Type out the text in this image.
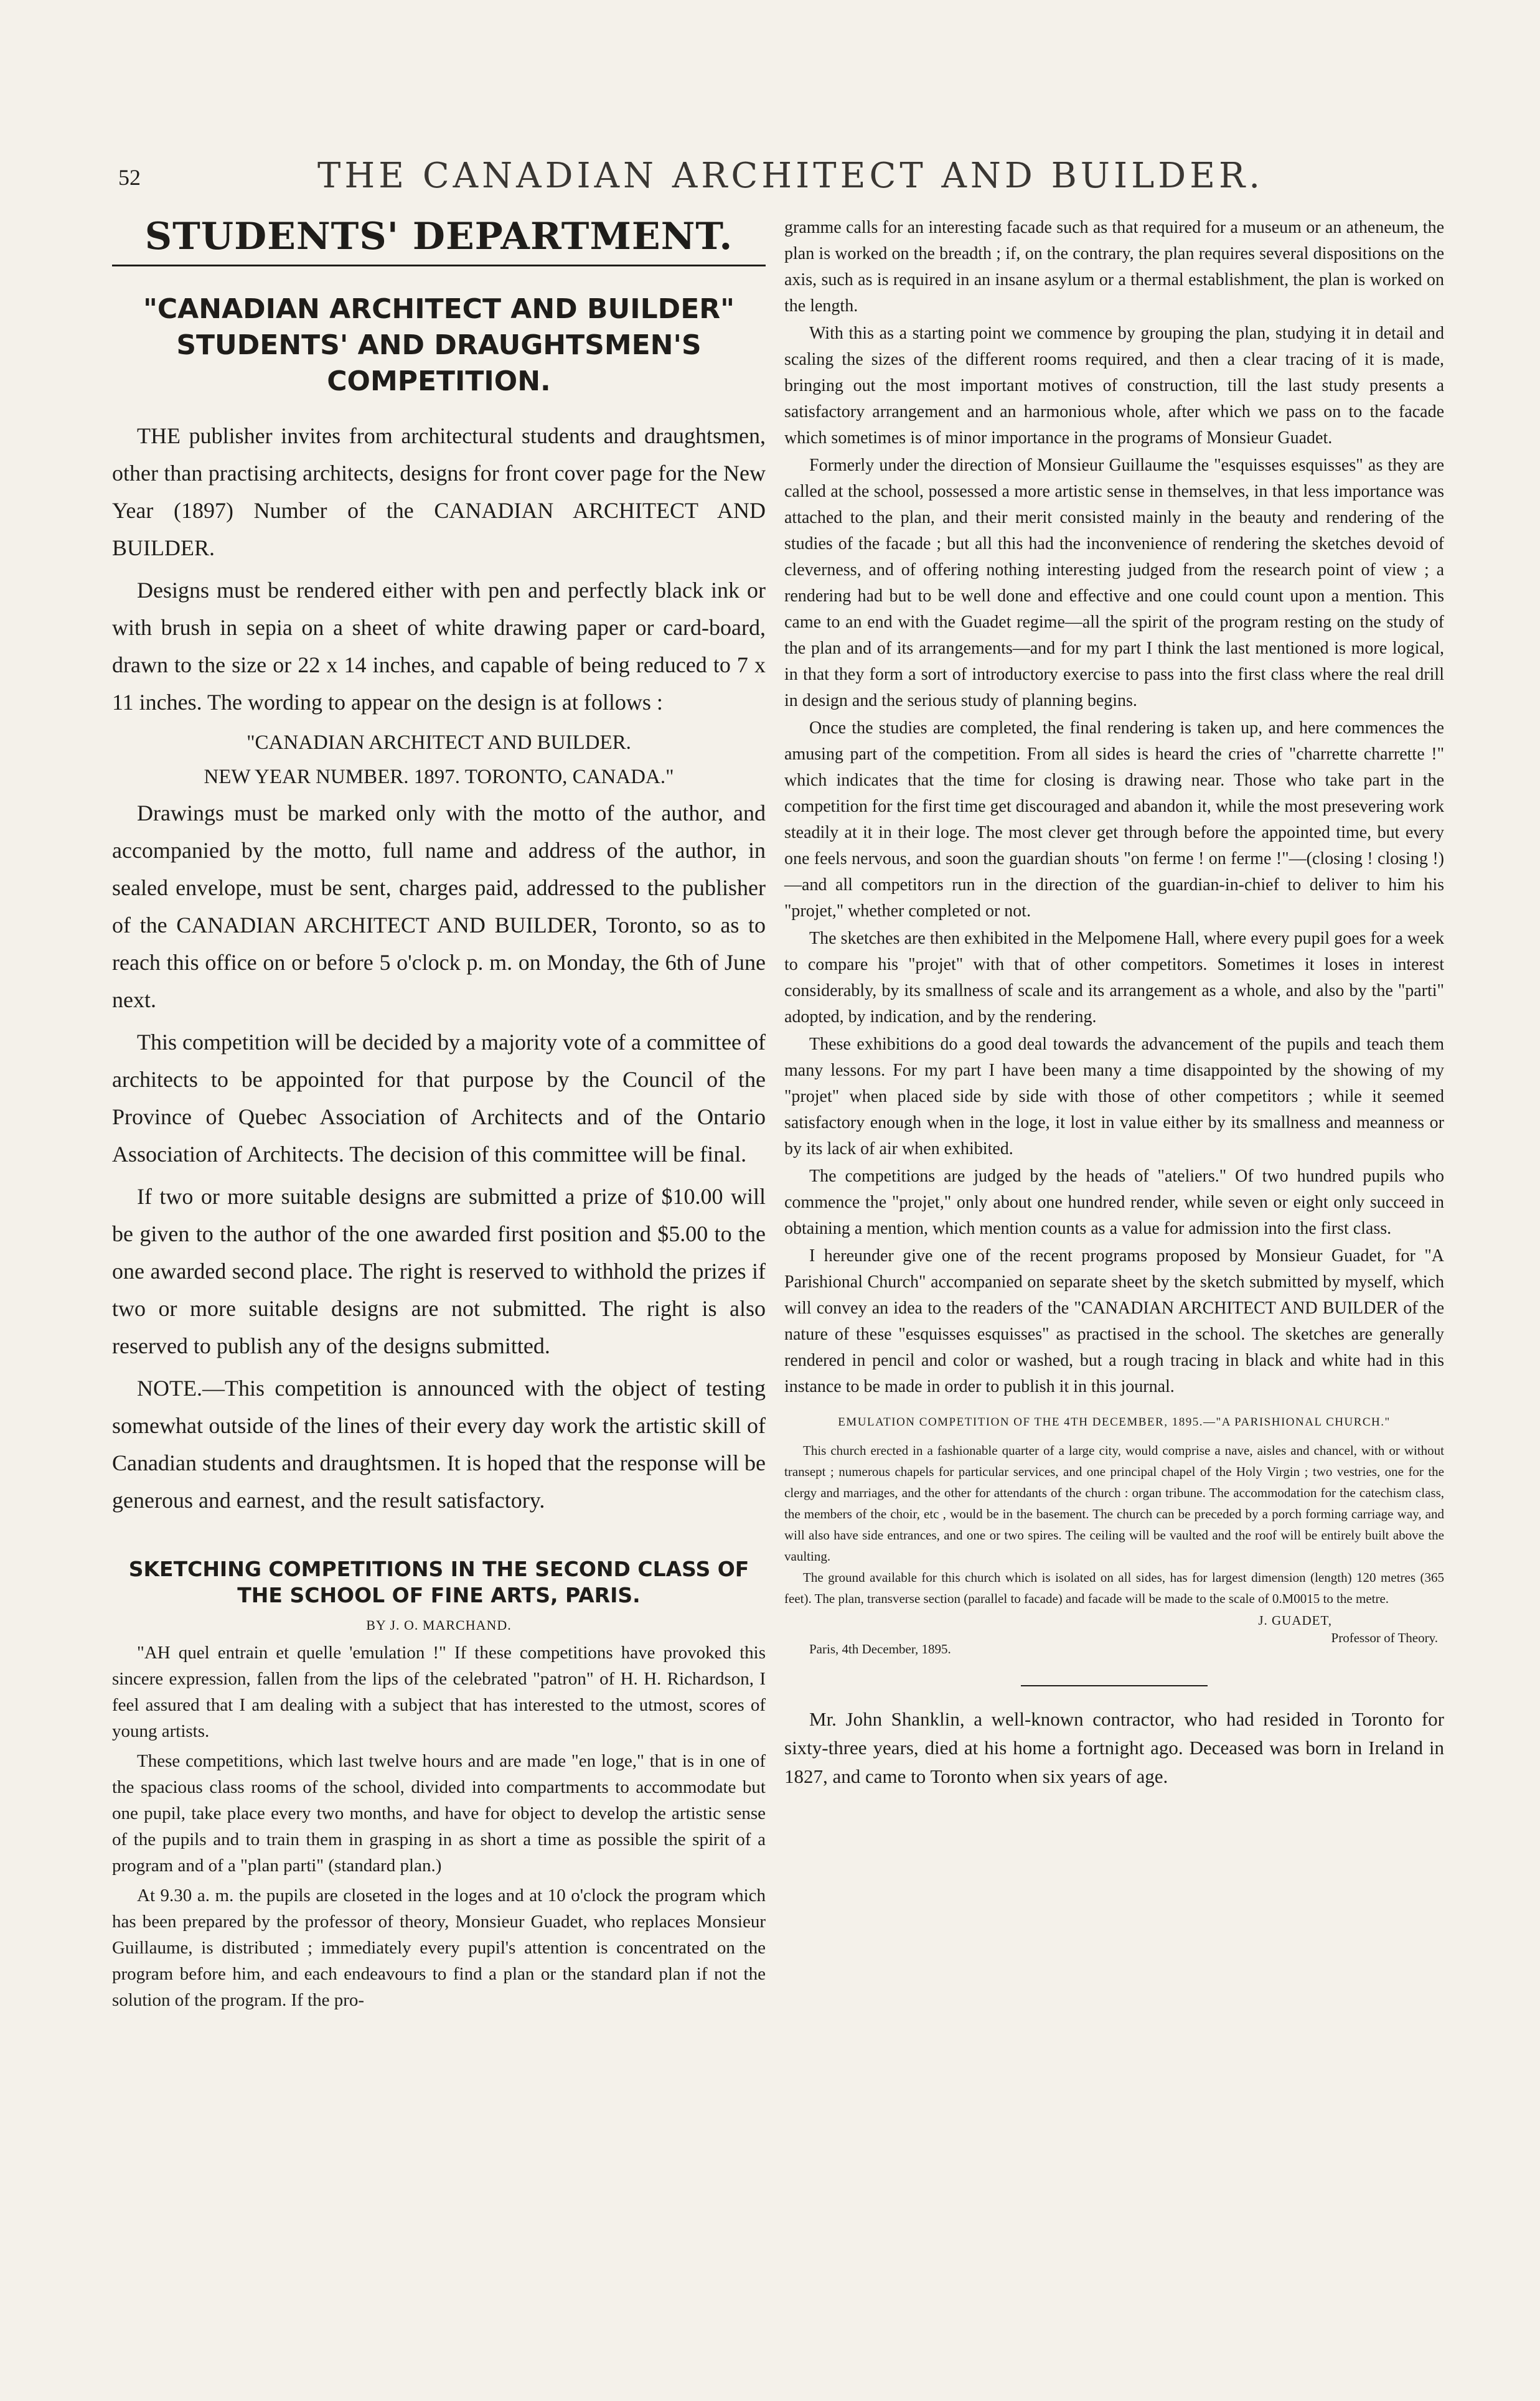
52	THE CANADIAN ARCHITECT AND BUILDER.
STUDENTS' DEPARTMENT.
"CANADIAN ARCHITECT AND BUILDER" STUDENTS' AND DRAUGHTSMEN'S COMPETITION.

THE publisher invites from architectural students and draughtsmen, other than practising architects, designs for front cover page for the New Year (1897) Number of the CANADIAN ARCHITECT AND BUILDER.

Designs must be rendered either with pen and perfectly black ink or with brush in sepia on a sheet of white drawing paper or card-board, drawn to the size or 22 x 14 inches, and capable of being reduced to 7 x 11 inches. The wording to appear on the design is at follows :

"CANADIAN ARCHITECT AND BUILDER.

NEW YEAR NUMBER. 1897. TORONTO, CANADA."

Drawings must be marked only with the motto of the author, and accompanied by the motto, full name and address of the author, in sealed envelope, must be sent, charges paid, addressed to the publisher of the CANADIAN ARCHITECT AND BUILDER, Toronto, so as to reach this office on or before 5 o'clock p. m. on Monday, the 6th of June next.

This competition will be decided by a majority vote of a committee of architects to be appointed for that purpose by the Council of the Province of Quebec Association of Architects and of the Ontario Association of Architects. The decision of this committee will be final.

If two or more suitable designs are submitted a prize of $10.00 will be given to the author of the one awarded first position and $5.00 to the one awarded second place. The right is reserved to withhold the prizes if two or more suitable designs are not submitted. The right is also reserved to publish any of the designs submitted.

NOTE.—This competition is announced with the object of testing somewhat outside of the lines of their every day work the artistic skill of Canadian students and draughtsmen. It is hoped that the response will be generous and earnest, and the result satisfactory.

SKETCHING COMPETITIONS IN THE SECOND CLASS OF THE SCHOOL OF FINE ARTS, PARIS.
BY J. O. MARCHAND.

"AH quel entrain et quelle 'emulation !" If these competitions have provoked this sincere expression, fallen from the lips of the celebrated "patron" of H. H. Richardson, I feel assured that I am dealing with a subject that has interested to the utmost, scores of young artists.

These competitions, which last twelve hours and are made "en loge," that is in one of the spacious class rooms of the school, divided into compartments to accommodate but one pupil, take place every two months, and have for object to develop the artistic sense of the pupils and to train them in grasping in as short a time as possible the spirit of a program and of a "plan parti" (standard plan.)

At 9.30 a. m. the pupils are closeted in the loges and at 10 o'clock the program which has been prepared by the professor of theory, Monsieur Guadet, who replaces Monsieur Guillaume, is distributed ; immediately every pupil's attention is concentrated on the program before him, and each endeavours to find a plan or the standard plan if not the solution of the program. If the pro-

gramme calls for an interesting facade such as that required for a museum or an atheneum, the plan is worked on the breadth ; if, on the contrary, the plan requires several dispositions on the axis, such as is required in an insane asylum or a thermal establishment, the plan is worked on the length.

With this as a starting point we commence by grouping the plan, studying it in detail and scaling the sizes of the different rooms required, and then a clear tracing of it is made, bringing out the most important motives of construction, till the last study presents a satisfactory arrangement and an harmonious whole, after which we pass on to the facade which sometimes is of minor importance in the programs of Monsieur Guadet.

Formerly under the direction of Monsieur Guillaume the "esquisses esquisses" as they are called at the school, possessed a more artistic sense in themselves, in that less importance was attached to the plan, and their merit consisted mainly in the beauty and rendering of the studies of the facade ; but all this had the inconvenience of rendering the sketches devoid of cleverness, and of offering nothing interesting judged from the research point of view ; a rendering had but to be well done and effective and one could count upon a mention. This came to an end with the Guadet regime—all the spirit of the program resting on the study of the plan and of its arrangements—and for my part I think the last mentioned is more logical, in that they form a sort of introductory exercise to pass into the first class where the real drill in design and the serious study of planning begins.

Once the studies are completed, the final rendering is taken up, and here commences the amusing part of the competition. From all sides is heard the cries of "charrette charrette !" which indicates that the time for closing is drawing near. Those who take part in the competition for the first time get discouraged and abandon it, while the most presevering work steadily at it in their loge. The most clever get through before the appointed time, but every one feels nervous, and soon the guardian shouts "on ferme ! on ferme !"—(closing ! closing !)—and all competitors run in the direction of the guardian-in-chief to deliver to him his "projet," whether completed or not.

The sketches are then exhibited in the Melpomene Hall, where every pupil goes for a week to compare his "projet" with that of other competitors. Sometimes it loses in interest considerably, by its smallness of scale and its arrangement as a whole, and also by the "parti" adopted, by indication, and by the rendering.

These exhibitions do a good deal towards the advancement of the pupils and teach them many lessons. For my part I have been many a time disappointed by the showing of my "projet" when placed side by side with those of other competitors ; while it seemed satisfactory enough when in the loge, it lost in value either by its smallness and meanness or by its lack of air when exhibited.

The competitions are judged by the heads of "ateliers." Of two hundred pupils who commence the "projet," only about one hundred render, while seven or eight only succeed in obtaining a mention, which mention counts as a value for admission into the first class.

I hereunder give one of the recent programs proposed by Monsieur Guadet, for "A Parishional Church" accompanied on separate sheet by the sketch submitted by myself, which will convey an idea to the readers of the "CANADIAN ARCHITECT AND BUILDER of the nature of these "esquisses esquisses" as practised in the school. The sketches are generally rendered in pencil and color or washed, but a rough tracing in black and white had in this instance to be made in order to publish it in this journal.

EMULATION COMPETITION OF THE 4TH DECEMBER, 1895.—"A PARISHIONAL CHURCH."

This church erected in a fashionable quarter of a large city, would comprise a nave, aisles and chancel, with or without transept ; numerous chapels for particular services, and one principal chapel of the Holy Virgin ; two vestries, one for the clergy and marriages, and the other for attendants of the church : organ tribune. The accommodation for the catechism class, the members of the choir, etc , would be in the basement. The church can be preceded by a porch forming carriage way, and will also have side entrances, and one or two spires. The ceiling will be vaulted and the roof will be entirely built above the vaulting.

The ground available for this church which is isolated on all sides, has for largest dimension (length) 120 metres (365 feet). The plan, transverse section (parallel to facade) and facade will be made to the scale of 0.M0015 to the metre.

J. GUADET,
Professor of Theory.
Paris, 4th December, 1895.

Mr. John Shanklin, a well-known contractor, who had resided in Toronto for sixty-three years, died at his home a fortnight ago. Deceased was born in Ireland in 1827, and came to Toronto when six years of age.
